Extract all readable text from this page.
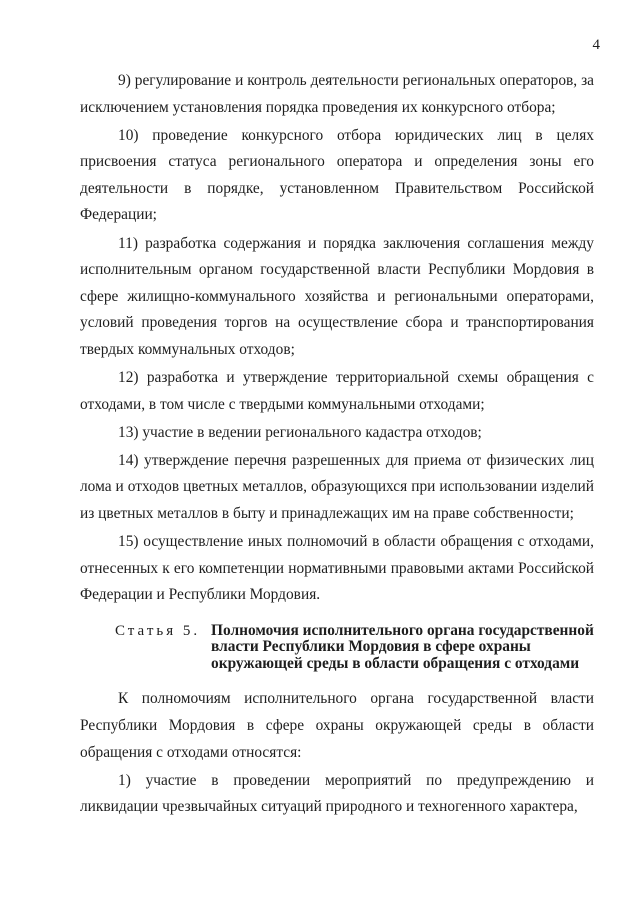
4

9) регулирование и контроль деятельности региональных операторов, за исключением установления порядка проведения их конкурсного отбора;

10) проведение конкурсного отбора юридических лиц в целях присвоения статуса регионального оператора и определения зоны его деятельности в порядке, установленном Правительством Российской Федерации;

11) разработка содержания и порядка заключения соглашения между исполнительным органом государственной власти Республики Мордовия в сфере жилищно-коммунального хозяйства и региональными операторами, условий проведения торгов на осуществление сбора и транспортирования твердых коммунальных отходов;

12) разработка и утверждение территориальной схемы обращения с отходами, в том числе с твердыми коммунальными отходами;

13) участие в ведении регионального кадастра отходов;

14) утверждение перечня разрешенных для приема от физических лиц лома и отходов цветных металлов, образующихся при использовании изделий из цветных металлов в быту и принадлежащих им на праве собственности;

15) осуществление иных полномочий в области обращения с отходами, отнесенных к его компетенции нормативными правовыми актами Российской Федерации и Республики Мордовия.

Статья 5. Полномочия исполнительного органа государственной власти Республики Мордовия в сфере охраны окружающей среды в области обращения с отходами

К полномочиям исполнительного органа государственной власти Республики Мордовия в сфере охраны окружающей среды в области обращения с отходами относятся:

1) участие в проведении мероприятий по предупреждению и ликвидации чрезвычайных ситуаций природного и техногенного характера,
